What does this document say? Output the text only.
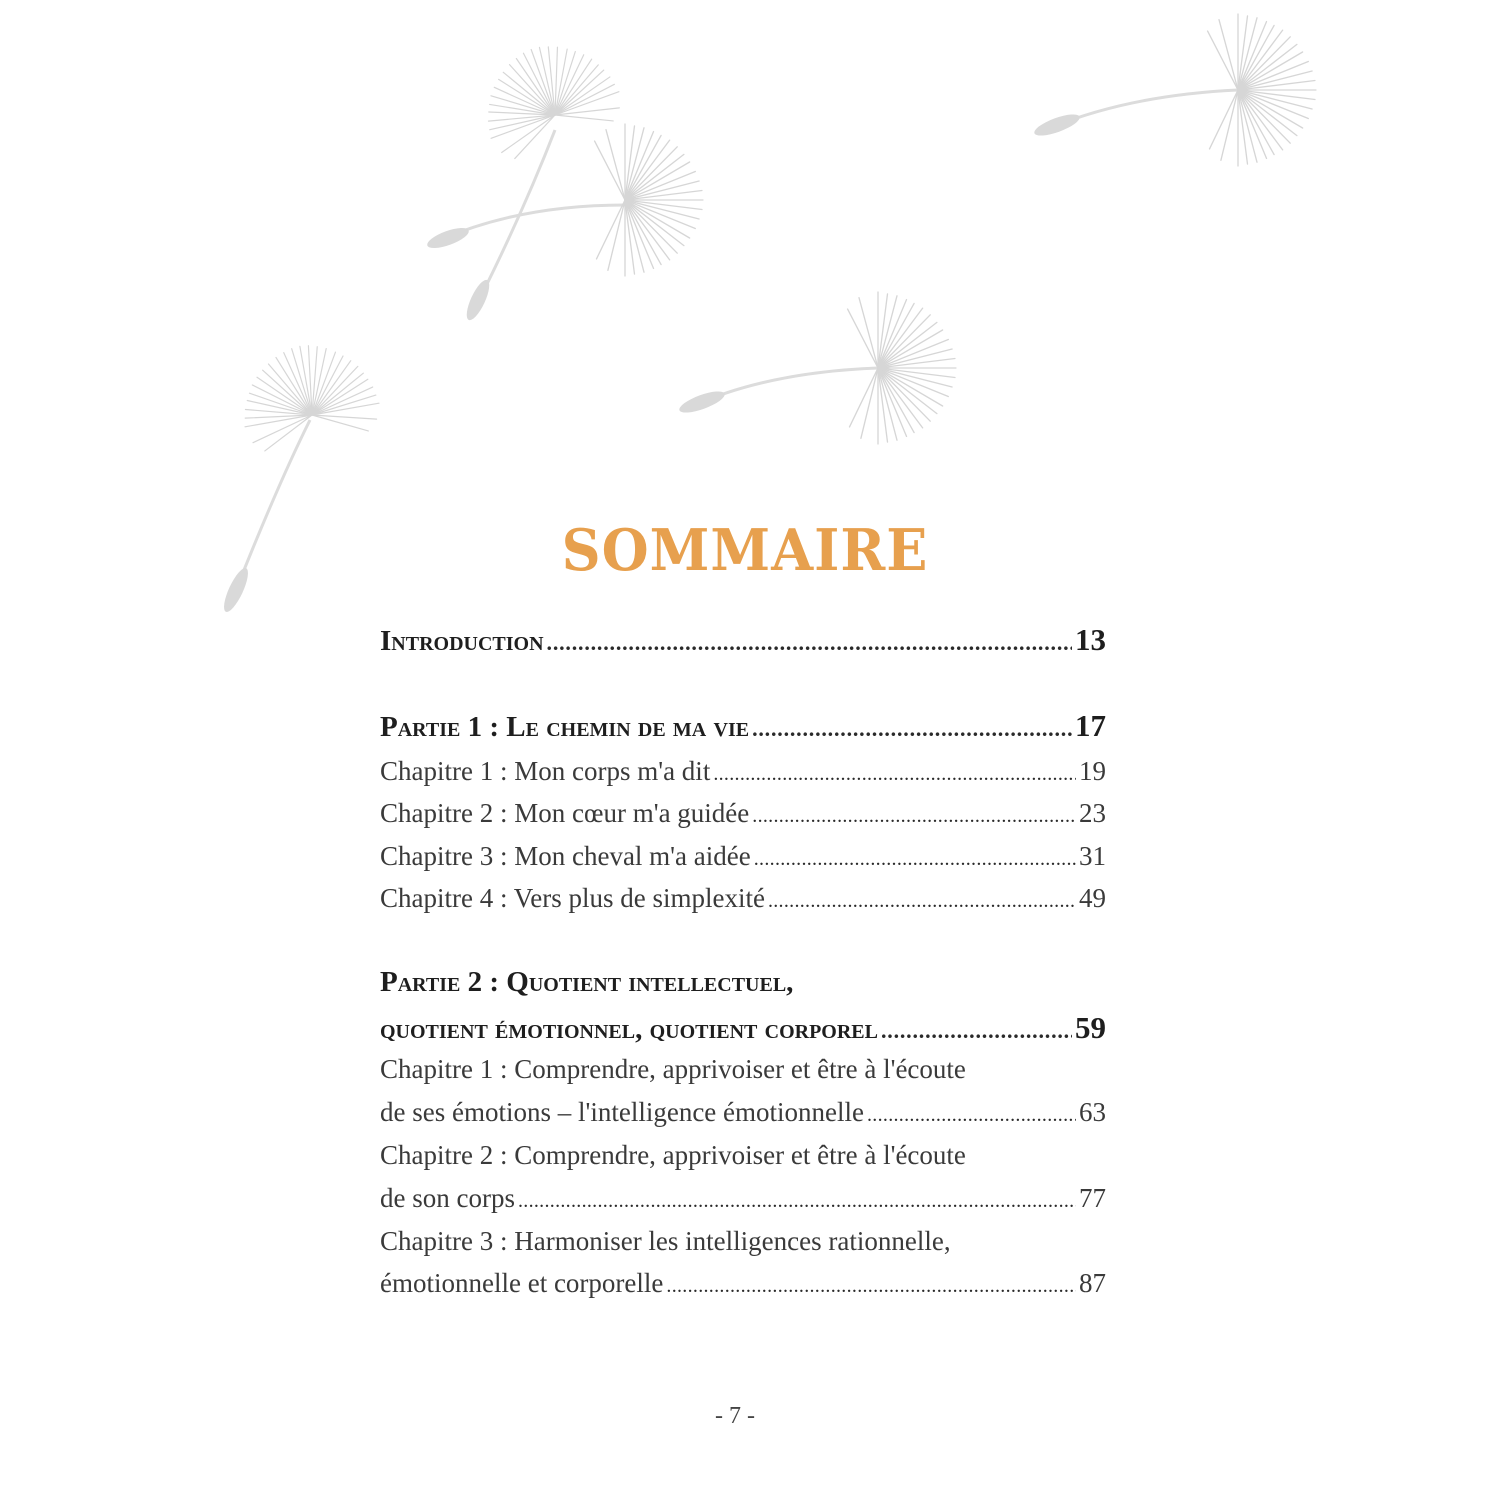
SOMMAIRE
Introduction .....	13
Partie 1 : Le chemin de ma vie .....	17
Chapitre 1 : Mon corps m'a dit .....	19
Chapitre 2 : Mon cœur m'a guidée .....	23
Chapitre 3 : Mon cheval m'a aidée .....	31
Chapitre 4 : Vers plus de simplexité .....	49
Partie 2 : Quotient intellectuel,
quotient émotionnel, quotient corporel .....	59
Chapitre 1 : Comprendre, apprivoiser et être à l'écoute
de ses émotions – l'intelligence émotionnelle .....	63
Chapitre 2 : Comprendre, apprivoiser et être à l'écoute
de son corps .....	77
Chapitre 3 : Harmoniser les intelligences rationnelle,
émotionnelle et corporelle .....	87
- 7 -
